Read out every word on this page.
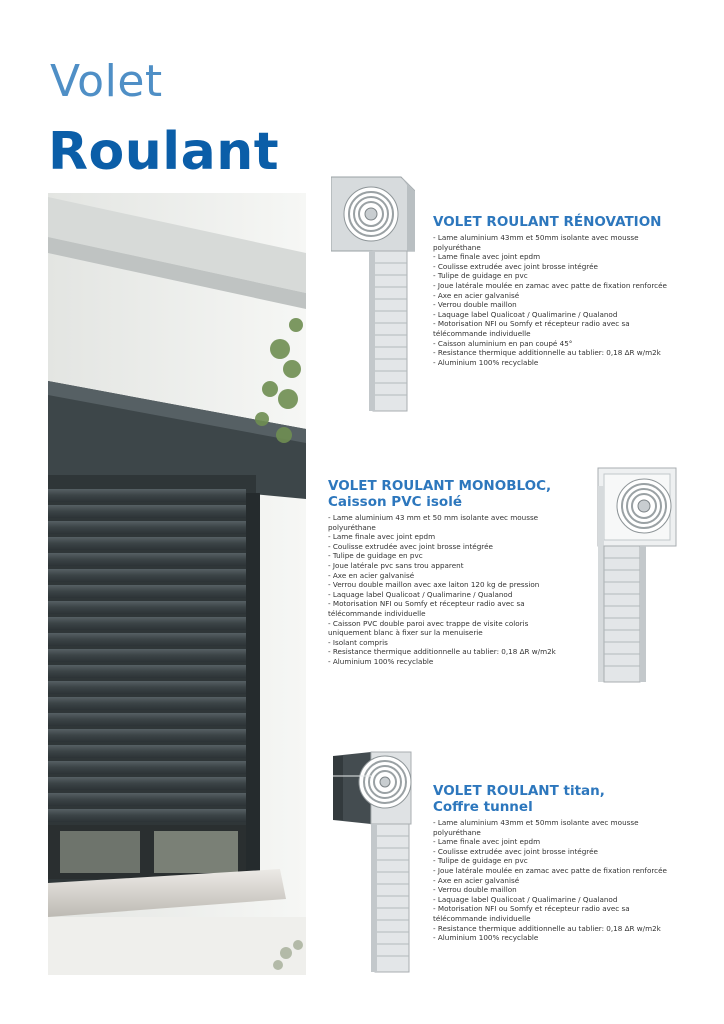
Volet
Roulant
VOLET ROULANT RÉNOVATION
- Lame aluminium 43mm et 50mm isolante avec mousse
polyuréthane
- Lame finale avec joint epdm
- Coulisse extrudée avec joint brosse intégrée
- Tulipe de guidage en pvc
- Joue latérale moulée en zamac avec patte de fixation renforcée
- Axe en acier galvanisé
- Verrou double maillon
- Laquage label Qualicoat / Qualimarine / Qualanod
- Motorisation NFI ou Somfy et récepteur radio avec sa
télécommande individuelle
- Caisson aluminium en pan coupé 45°
- Resistance thermique additionnelle au tablier: 0,18 ΔR w/m2k
- Aluminium 100% recyclable
VOLET ROULANT MONOBLOC,
Caisson PVC isolé
- Lame aluminium 43 mm et 50 mm isolante avec mousse
polyuréthane
- Lame finale avec joint epdm
- Coulisse extrudée avec joint brosse intégrée
- Tulipe de guidage en pvc
- Joue latérale pvc sans trou apparent
- Axe en acier galvanisé
- Verrou double maillon avec axe laiton 120 kg de pression
- Laquage label Qualicoat / Qualimarine / Qualanod
- Motorisation NFI ou Somfy et récepteur radio avec sa
télécommande individuelle
- Caisson PVC double paroi avec trappe de visite coloris
uniquement blanc à fixer sur la menuiserie
- Isolant compris
- Resistance thermique additionnelle au tablier: 0,18 ΔR w/m2k
- Aluminium 100% recyclable
VOLET ROULANT titan,
Coffre tunnel
- Lame aluminium 43mm et 50mm isolante avec mousse
polyuréthane
- Lame finale avec joint epdm
- Coulisse extrudée avec joint brosse intégrée
- Tulipe de guidage en pvc
- Joue latérale moulée en zamac avec patte de fixation renforcée
- Axe en acier galvanisé
- Verrou double maillon
- Laquage label Qualicoat / Qualimarine / Qualanod
- Motorisation NFI ou Somfy et récepteur radio avec sa
télécommande individuelle
- Resistance thermique additionnelle au tablier: 0,18 ΔR w/m2k
- Aluminium 100% recyclable
